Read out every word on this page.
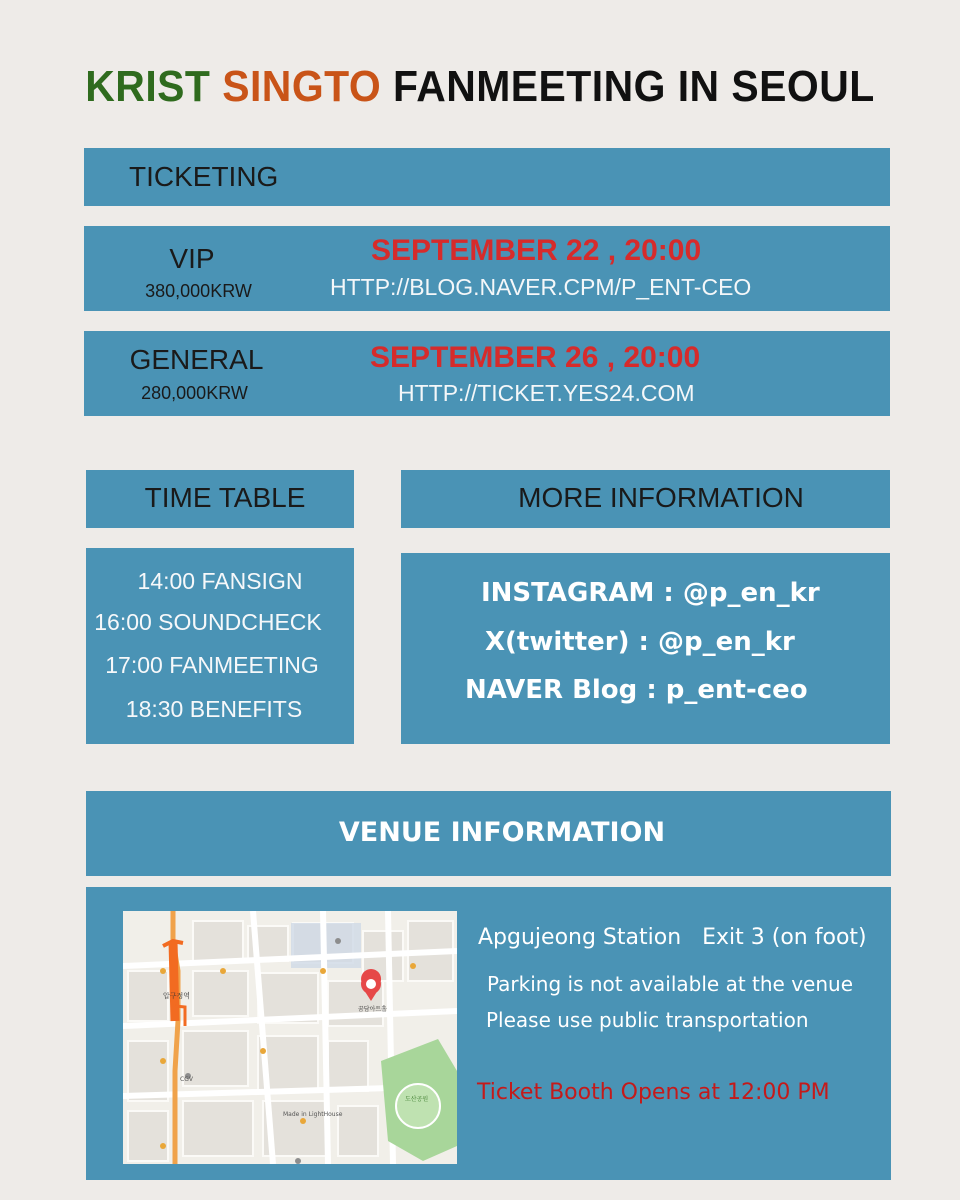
KRIST SINGTO FANMEETING IN SEOUL
TICKETING
VIP
380,000KRW
SEPTEMBER 22 , 20:00
HTTP://BLOG.NAVER.CPM/P_ENT-CEO
GENERAL
280,000KRW
SEPTEMBER 26 , 20:00
HTTP://TICKET.YES24.COM
TIME TABLE	MORE INFORMATION
14:00 FANSIGN
16:00 SOUNDCHECK
17:00 FANMEETING
18:30 BENEFITS
INSTAGRAM : @p_en_kr
X(twitter) : @p_en_kr
NAVER Blog : p_ent-ceo
VENUE INFORMATION
Apgujeong Station   Exit 3 (on foot)
Parking is not available at the venue
Please use public transportation
Ticket Booth Opens at 12:00 PM
압구정역
꿈담아트홀
CGV
도산공원
Made in LightHouse
